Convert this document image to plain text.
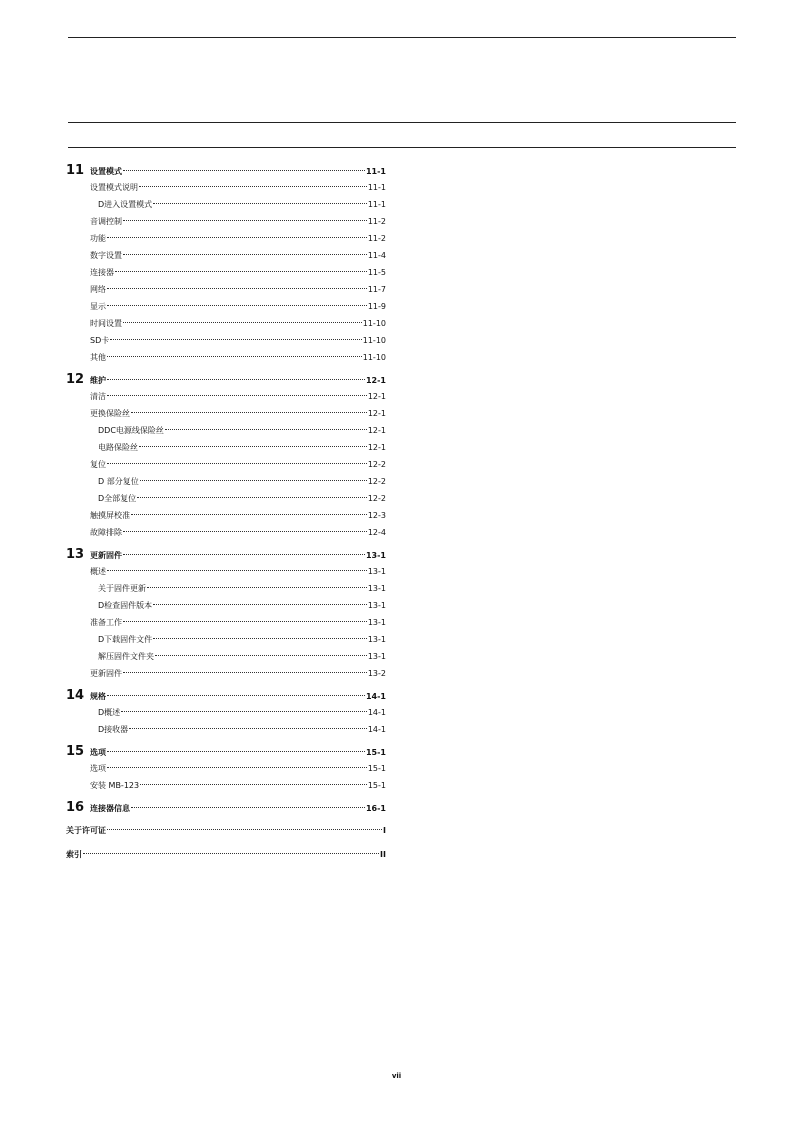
11 设置模式	11-1
设置模式说明	11-1
D进入设置模式	11-1
音调控制	11-2
功能	11-2
数字设置	11-4
连接器	11-5
网络	11-7
显示	11-9
时间设置	11-10
SD卡	11-10
其他	11-10
12 维护	12-1
清洁	12-1
更换保险丝	12-1
DDC电源线保险丝	12-1
电路保险丝	12-1
复位	12-2
D 部分复位	12-2
D全部复位	12-2
触摸屏校准	12-3
故障排除	12-4
13 更新固件	13-1
概述	13-1
关于固件更新	13-1
D检查固件版本	13-1
准备工作	13-1
D下载固件文件	13-1
解压固件文件夹	13-1
更新固件	13-2
14 规格	14-1
D概述	14-1
D接收器	14-1
15 选项	15-1
选项	15-1
安装 MB-123	15-1
16 连接器信息	16-1
关于许可证	I
索引	II
vii
